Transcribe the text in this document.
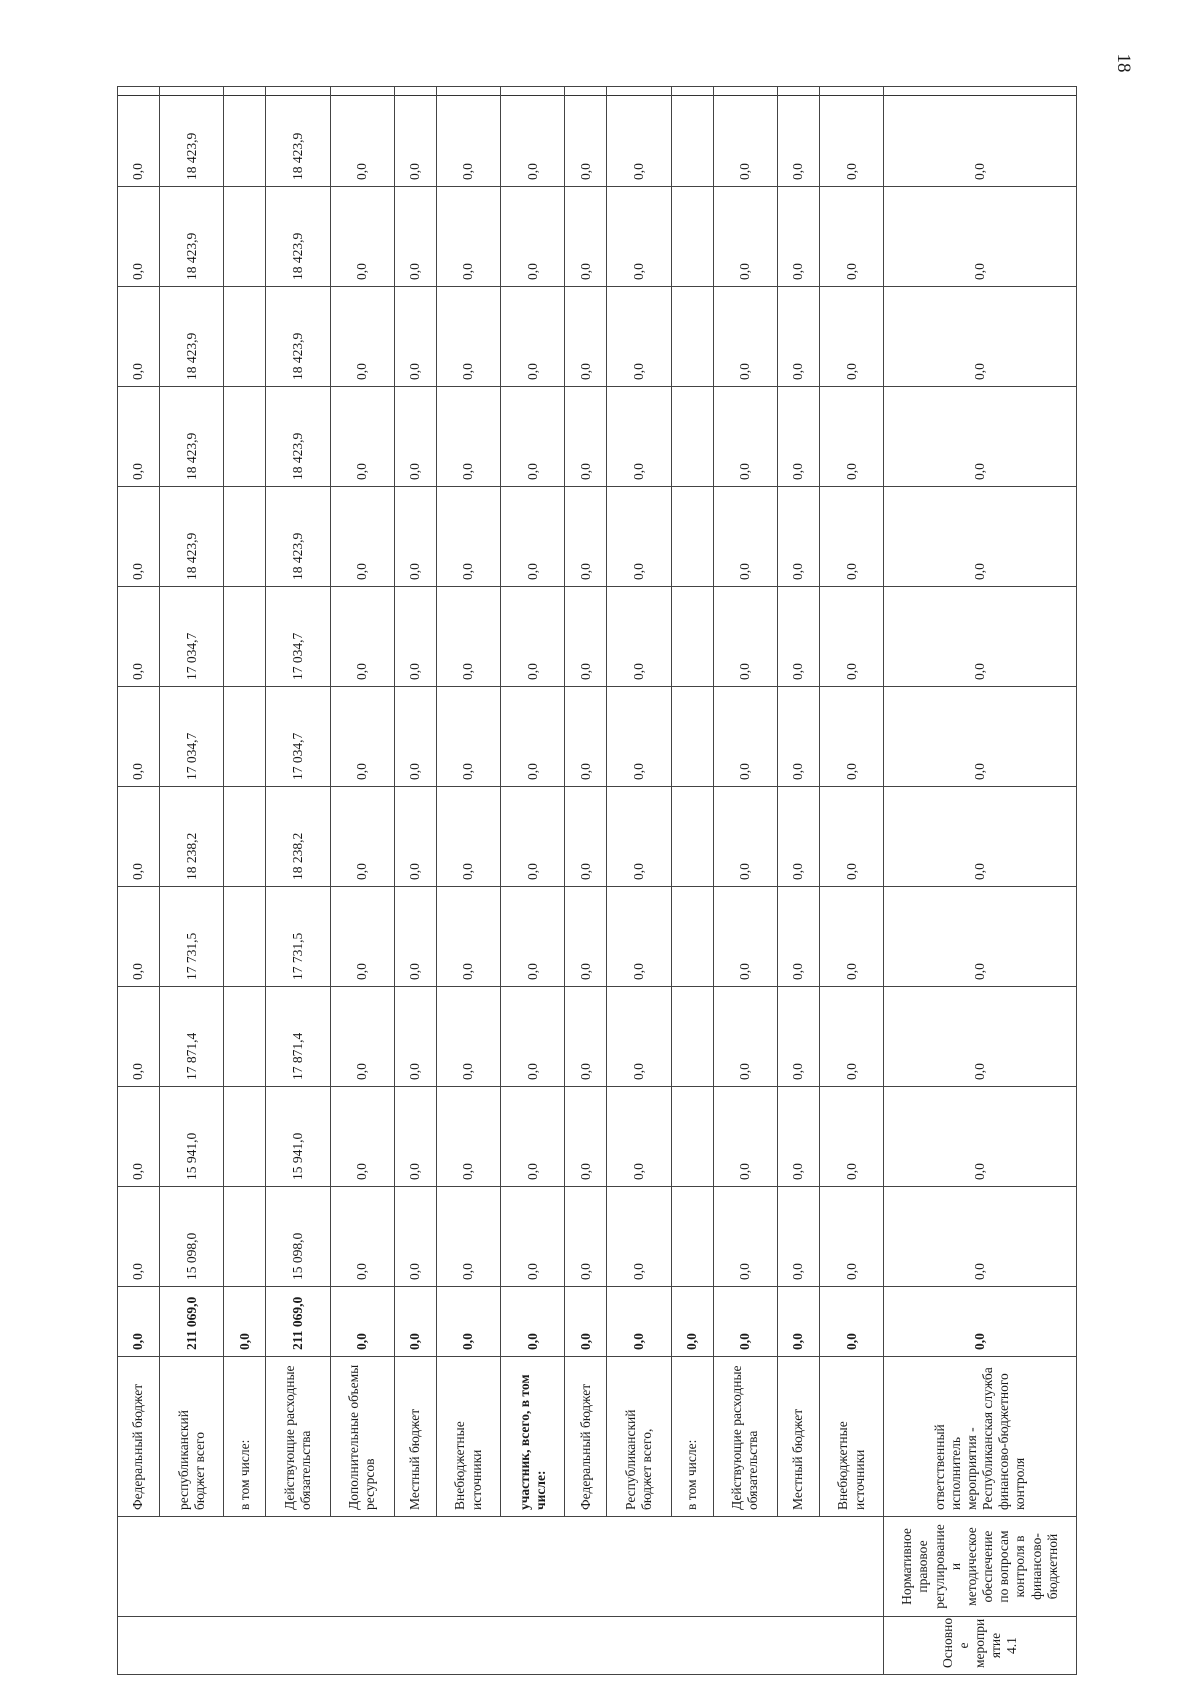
18
		Федеральный бюджет	0,0	0,0	0,0	0,0	0,0	0,0	0,0	0,0	0,0	0,0	0,0	0,0	0,0
		республиканский бюджет всего	211 069,0	15 098,0	15 941,0	17 871,4	17 731,5	18 238,2	17 034,7	17 034,7	18 423,9	18 423,9	18 423,9	18 423,9	18 423,9
		в том числе:	0,0												
		Действующие расходные обязательства	211 069,0	15 098,0	15 941,0	17 871,4	17 731,5	18 238,2	17 034,7	17 034,7	18 423,9	18 423,9	18 423,9	18 423,9	18 423,9
		Дополнительные объемы ресурсов	0,0	0,0	0,0	0,0	0,0	0,0	0,0	0,0	0,0	0,0	0,0	0,0	0,0
		Местный бюджет	0,0	0,0	0,0	0,0	0,0	0,0	0,0	0,0	0,0	0,0	0,0	0,0	0,0
		Внебюджетные источники	0,0	0,0	0,0	0,0	0,0	0,0	0,0	0,0	0,0	0,0	0,0	0,0	0,0
		участник, всего, в том числе:	0,0	0,0	0,0	0,0	0,0	0,0	0,0	0,0	0,0	0,0	0,0	0,0	0,0
		Федеральный бюджет	0,0	0,0	0,0	0,0	0,0	0,0	0,0	0,0	0,0	0,0	0,0	0,0	0,0
		Республиканский бюджет всего,	0,0	0,0	0,0	0,0	0,0	0,0	0,0	0,0	0,0	0,0	0,0	0,0	0,0
		в том числе:	0,0												
		Действующие расходные обязательства	0,0	0,0	0,0	0,0	0,0	0,0	0,0	0,0	0,0	0,0	0,0	0,0	0,0
		Местный бюджет	0,0	0,0	0,0	0,0	0,0	0,0	0,0	0,0	0,0	0,0	0,0	0,0	0,0
		Внебюджетные источники	0,0	0,0	0,0	0,0	0,0	0,0	0,0	0,0	0,0	0,0	0,0	0,0	0,0
Основно е меропри ятие 4.1	Нормативное правовое регулирование и методическое обеспечение по вопросам контроля в финансово- бюджетной	ответственный исполнитель мероприятия - Республиканская служба финансово-бюджетного контроля	0,0	0,0	0,0	0,0	0,0	0,0	0,0	0,0	0,0	0,0	0,0	0,0	0,0
